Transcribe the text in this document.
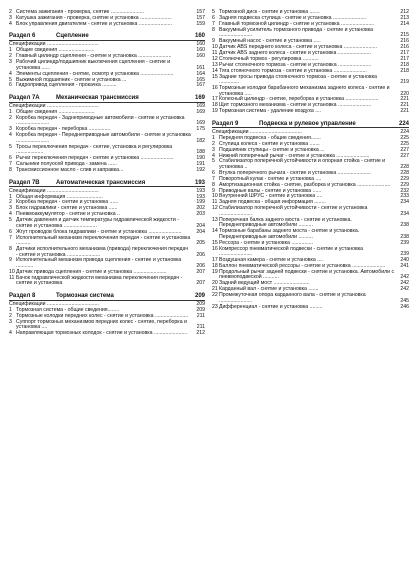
2 Система зажигания - проверка, снятие .......................	157
3 Катушка зажигания - проверка, снятие и установка ......................	157
4 Блок управления двигателем - снятие и установка .......................	159
Раздел 6	Сцепление	160
Спецификации ....................................	160
1 Общие сведения .........................	160
2 Главный цилиндр сцепления - снятие и установка .......................	160
3 Рабочий цилиндр/подшипник выключения сцепления - снятие и установка ......	161
4 Элементы сцепления - снятие, осмотр и установка .......................	164
5 Выжимной подшипник - снятие и установка ...	165
6 Гидропривод сцепления - прокачка ..........	167
Раздел 7А	Механическая трансмиссия	169
Спецификации ....................................	169
1 Общие сведения .........................	169
2 Коробка передач - Заднеприводные автомобили - снятие и установка .......................	169
3 Коробка передач - переборка ...............	175
4 Коробка передач - Переднеприводные автомобили - снятие и установка .......................	182
5 Тросы переключения передач - снятие, установка и регулировка ...................	188
6 Рычаг переключения передач - снятие и установка .......................	190
7 Сальники полуосей привода - замена ......	191
8 Трансмиссионное масло - слив и заправка...	192
Раздел 7В	Автоматическая трансмиссия	193
Спецификации ....................................	193
1 Общая информация .........................	193
2 Коробка передач - снятие и установка ......	199
3 Блок гидравлики - снятие и установка ......	202
4 Пневмоаккумулятор - снятие и установка ..	203
5 Датчик давления и датчик температуры гидравлической жидкости - снятие и установка .......................	204
6 Жгут проводов блока гидравлики - снятие и установка .......................	204
7 Исполнительный механизм переключения передач - снятие и установка ..........	205
8 Датчики исполнительного механизма (привода) переключения передач - снятие и установка .......................	206
9 Исполнительный механизм привода сцепления - снятие и установка ............	206
10 Датчик привода сцепления - снятие и установка .......................	207
11 Бачок гидравлической жидкости механизма переключения передач - снятие и установка	207
Раздел 8	Тормозная система	209
Спецификации ....................................	209
1 Тормозная система - общие сведения........	209
2 Тормозные колодки передних колес - снятие и установка ....................... 211
3 Суппорт тормозных механизмов передних колес - снятие, переборка и установка ....	211
4 Направляющая тормозных колодок - снятие и установка ....................... 212
5 Тормозной диск - снятие и установка .......	212
6 Задняя подвеска ступица - снятие и установка .......................	213
7 Главный тормозной цилиндр - снятие и установка .......................	214
8 Вакуумный усилитель тормозного привода - снятие и установка .......................	215
9 Вакуумный насос - снятие и установка .....	216
10 Датчик ABS переднего колеса - снятие и установка .......................	216
11 Датчик ABS заднего колеса - снятие и установка .......................	217
12 Стояночный тормоз - регулировка ...........	217
13 Рычаг стояночного тормоза - снятие и установка .......................	218
14 Тяга стояночного тормоза - снятие и установка .......................	218
15 Задние тросы привода стояночного тормоза - снятие и установка ..............	219
16 Тормозные колодки барабанного механизма заднего колеса - снятие и установка .....	220
17 Колесный цилиндр - снятие, переборка и установка .......................	221
18 Щит тормозного механизма - снятие и установка .......................	221
19 Тормозная система - удаление воздуха ....	221
Раздел 9	Подвеска и рулевое управление	224
Спецификации ....................................	224
1 Передняя подвеска - общие сведения.......	225
2 Ступица колеса - снятие и установка .......	225
3 Подшипник ступицы - снятие и установка ...	227
4 Нижний поперечный рычаг - снятие и установка .......................	227
5 Стабилизатор поперечной устойчивости и опорная стойка - снятие и установка ..	228
6 Втулка поперечного рычага - снятие и установка .......................	228
7 Поворотный кулак - снятие и установка ....	229
8 Амортизационная стойка - снятие, разборка и установка ....................... 229
9 Приводные валы - снятие и установка ......	232
10 Внутренний ШРУС - снятие и установка ....	233
11 Задняя подвеска - общая информация ........	234
12 Стабилизатор поперечной устойчивости - снятие и установка .......................	234
13 Поперечная балка заднего моста - снятие и установка. Переднеприводные автомобили ..........	238
14 Тормозные барабаны заднего моста - снятие и установка. Переднеприводные автомобили ..........	238
15 Рессора - снятие и установка ...............	239
16 Компрессор пневматической подвески - снятие и установка .......................	239
17 Воздушная камера - снятие и установка ....	240
18 Баллон пневматической рессоры - снятие и установка .......................	241
19 Продольный рычаг задней подвески - снятие и установка. Автомобили с пневмоподвеской ...........	242
20 Задний ведущий мост .........................	242
21 Карданный вал - снятие и установка .......	242
22 Промежуточная опора карданного вала - снятие и установка .......................	245
23 Дифференциал - снятие и установка .........	246
